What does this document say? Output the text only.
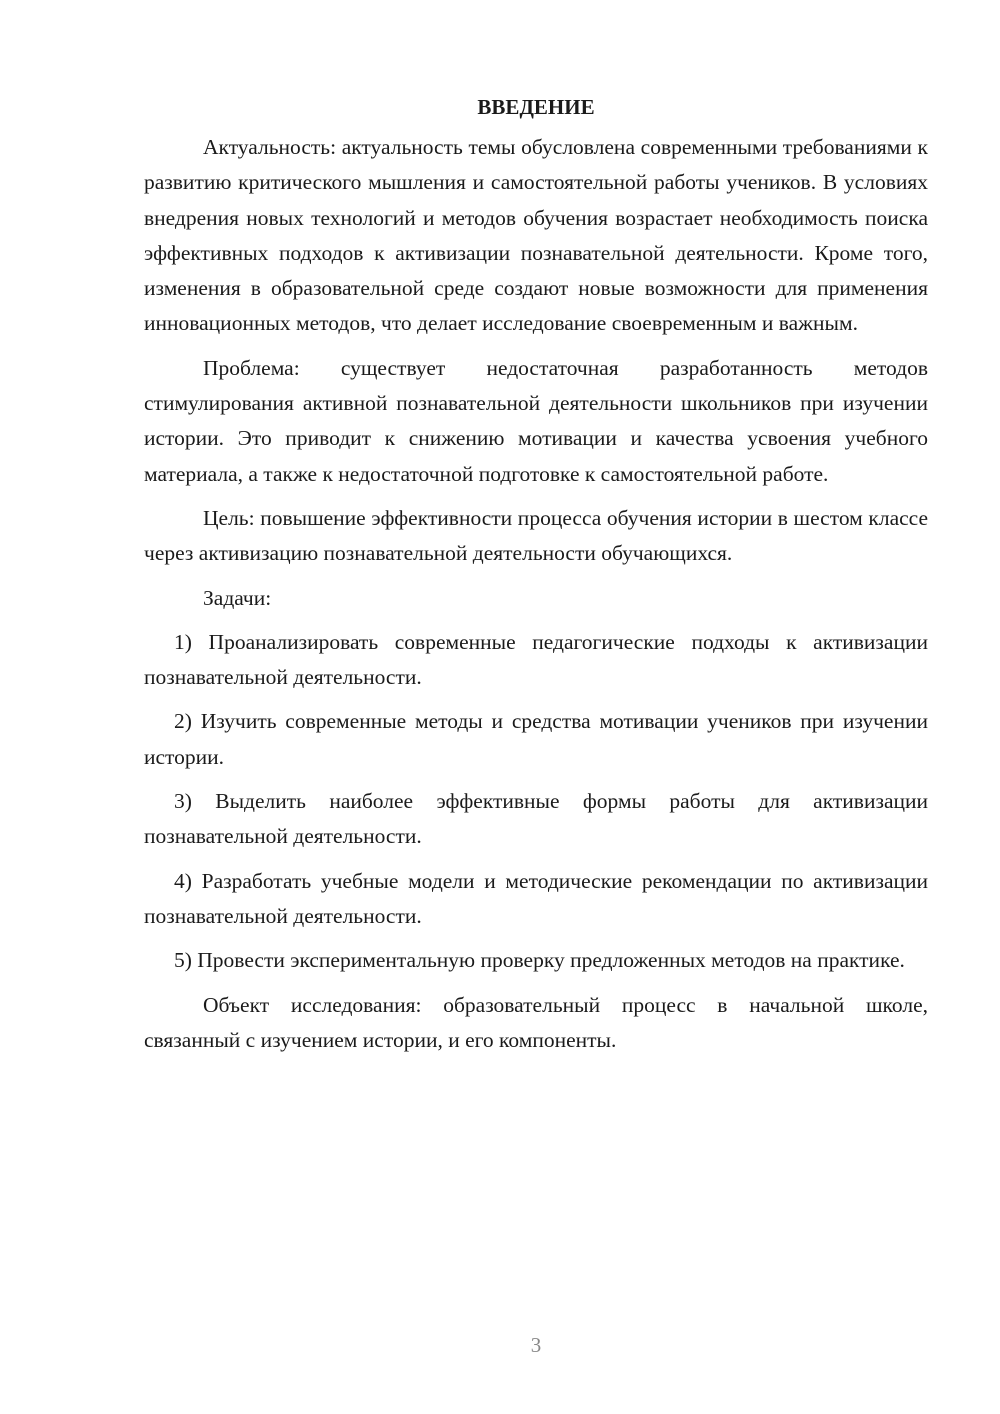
ВВЕДЕНИЕ

Актуальность: актуальность темы обусловлена современными требованиями к развитию критического мышления и самостоятельной работы учеников. В условиях внедрения новых технологий и методов обучения возрастает необходимость поиска эффективных подходов к активизации познавательной деятельности. Кроме того, изменения в образовательной среде создают новые возможности для применения инновационных методов, что делает исследование своевременным и важным.

Проблема: существует недостаточная разработанность методов стимулирования активной познавательной деятельности школьников при изучении истории. Это приводит к снижению мотивации и качества усвоения учебного материала, а также к недостаточной подготовке к самостоятельной работе.

Цель: повышение эффективности процесса обучения истории в шестом классе через активизацию познавательной деятельности обучающихся.

Задачи:

1) Проанализировать современные педагогические подходы к активизации познавательной деятельности.

2) Изучить современные методы и средства мотивации учеников при изучении истории.

3) Выделить наиболее эффективные формы работы для активизации познавательной деятельности.

4) Разработать учебные модели и методические рекомендации по активизации познавательной деятельности.

5) Провести экспериментальную проверку предложенных методов на практике.

Объект исследования: образовательный процесс в начальной школе, связанный с изучением истории, и его компоненты.

3
